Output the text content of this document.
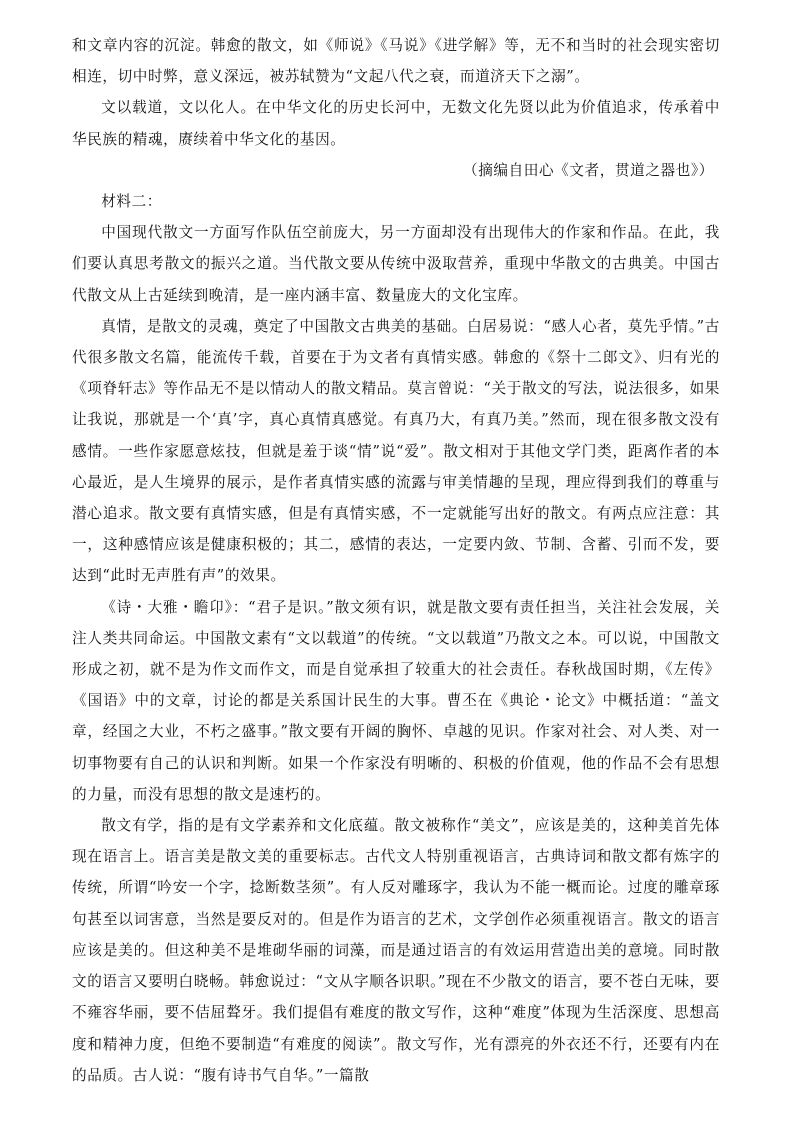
和文章内容的沉淀。韩愈的散文，如《师说》《马说》《进学解》等，无不和当时的社会现实密切相连，切中时弊，意义深远，被苏轼赞为“文起八代之衰，而道济天下之溺”。

文以载道，文以化人。在中华文化的历史长河中，无数文化先贤以此为价值追求，传承着中华民族的精魂，赓续着中华文化的基因。

（摘编自田心《文者，贯道之器也》）

材料二：

中国现代散文一方面写作队伍空前庞大，另一方面却没有出现伟大的作家和作品。在此，我们要认真思考散文的振兴之道。当代散文要从传统中汲取营养，重现中华散文的古典美。中国古代散文从上古延续到晚清，是一座内涵丰富、数量庞大的文化宝库。

真情，是散文的灵魂，奠定了中国散文古典美的基础。白居易说：“感人心者，莫先乎情。”古代很多散文名篇，能流传千载，首要在于为文者有真情实感。韩愈的《祭十二郎文》、归有光的《项脊轩志》等作品无不是以情动人的散文精品。莫言曾说：“关于散文的写法，说法很多，如果让我说，那就是一个‘真’字，真心真情真感觉。有真乃大，有真乃美。”然而，现在很多散文没有感情。一些作家愿意炫技，但就是羞于谈“情”说“爱”。散文相对于其他文学门类，距离作者的本心最近，是人生境界的展示，是作者真情实感的流露与审美情趣的呈现，理应得到我们的尊重与潜心追求。散文要有真情实感，但是有真情实感，不一定就能写出好的散文。有两点应注意：其一，这种感情应该是健康积极的；其二，感情的表达，一定要内敛、节制、含蓄、引而不发，要达到“此时无声胜有声”的效果。

《诗・大雅・瞻卬》：“君子是识。”散文须有识，就是散文要有责任担当，关注社会发展，关注人类共同命运。中国散文素有“文以载道”的传统。“文以载道”乃散文之本。可以说，中国散文形成之初，就不是为作文而作文，而是自觉承担了较重大的社会责任。春秋战国时期，《左传》《国语》中的文章，讨论的都是关系国计民生的大事。曹丕在《典论・论文》中概括道：“盖文章，经国之大业，不朽之盛事。”散文要有开阔的胸怀、卓越的见识。作家对社会、对人类、对一切事物要有自己的认识和判断。如果一个作家没有明晰的、积极的价值观，他的作品不会有思想的力量，而没有思想的散文是速朽的。

散文有学，指的是有文学素养和文化底蕴。散文被称作“美文”，应该是美的，这种美首先体现在语言上。语言美是散文美的重要标志。古代文人特别重视语言，古典诗词和散文都有炼字的传统，所谓“吟安一个字，捻断数茎须”。有人反对雕琢字，我认为不能一概而论。过度的雕章琢句甚至以词害意，当然是要反对的。但是作为语言的艺术，文学创作必须重视语言。散文的语言应该是美的。但这种美不是堆砌华丽的词藻，而是通过语言的有效运用营造出美的意境。同时散文的语言又要明白晓畅。韩愈说过：“文从字顺各识职。”现在不少散文的语言，要不苍白无味，要不雍容华丽，要不佶屈聱牙。我们提倡有难度的散文写作，这种“难度”体现为生活深度、思想高度和精神力度，但绝不要制造“有难度的阅读”。散文写作，光有漂亮的外衣还不行，还要有内在的品质。古人说：“腹有诗书气自华。”一篇散
